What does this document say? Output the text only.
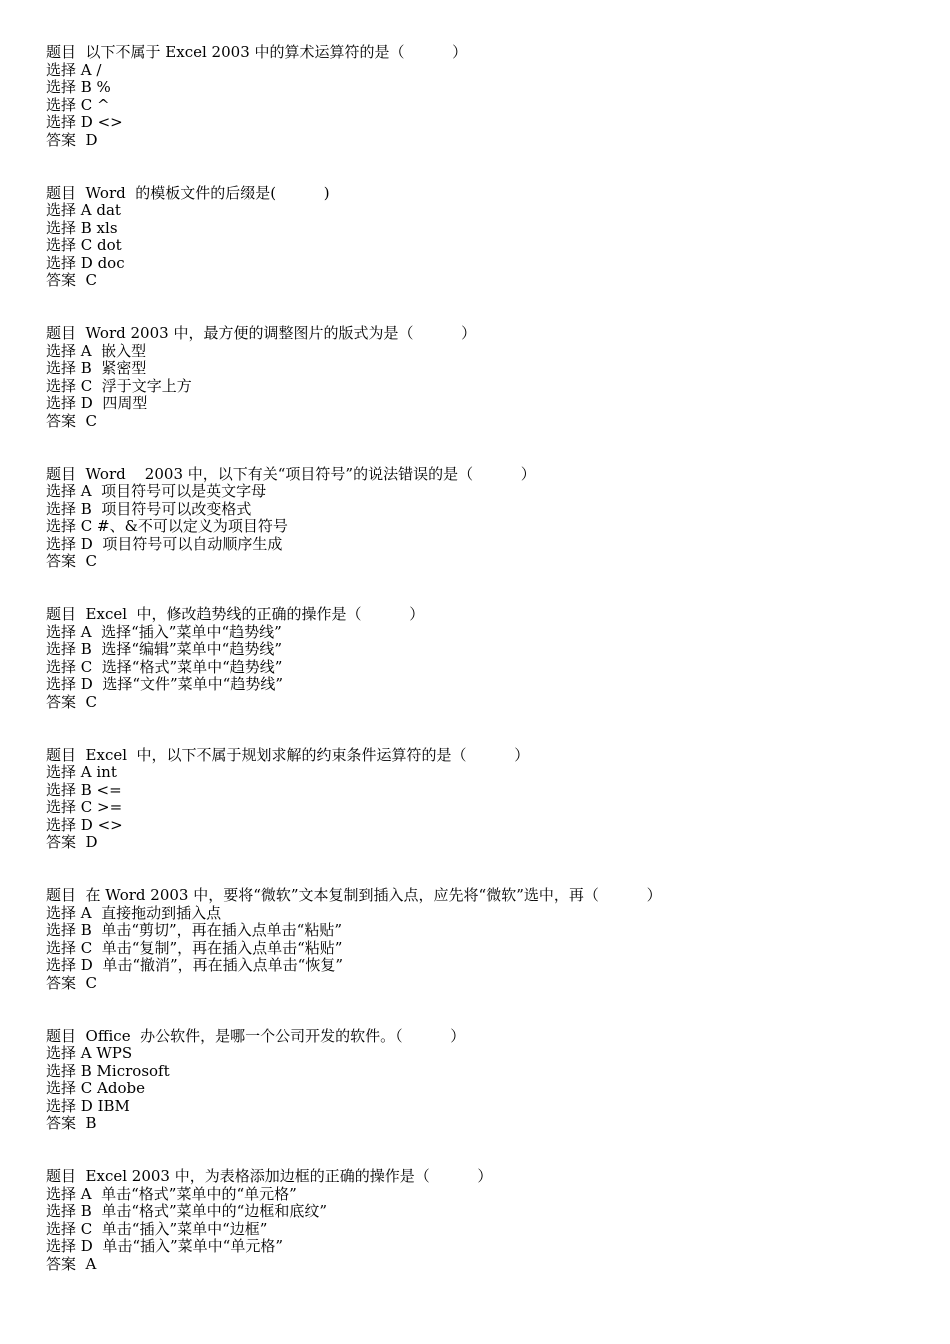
题目  以下不属于 Excel 2003 中的算术运算符的是（          ）
选择 A /
选择 B %
选择 C ^
选择 D <>
答案  D
题目  Word  的模板文件的后缀是(          )
选择 A dat
选择 B xls
选择 C dot
选择 D doc
答案  C
题目  Word 2003 中，最方便的调整图片的版式为是（          ）
选择 A  嵌入型
选择 B  紧密型
选择 C  浮于文字上方
选择 D  四周型
答案  C
题目  Word    2003 中，以下有关“项目符号”的说法错误的是（          ）
选择 A  项目符号可以是英文字母
选择 B  项目符号可以改变格式
选择 C #、&不可以定义为项目符号
选择 D  项目符号可以自动顺序生成
答案  C
题目  Excel  中，修改趋势线的正确的操作是（          ）
选择 A  选择“插入”菜单中“趋势线”
选择 B  选择“编辑”菜单中“趋势线”
选择 C  选择“格式”菜单中“趋势线”
选择 D  选择“文件”菜单中“趋势线”
答案  C
题目  Excel  中，以下不属于规划求解的约束条件运算符的是（          ）
选择 A int
选择 B <=
选择 C >=
选择 D <>
答案  D
题目  在 Word 2003 中，要将“微软”文本复制到插入点，应先将“微软”选中，再（          ）
选择 A  直接拖动到插入点
选择 B  单击“剪切”，再在插入点单击“粘贴”
选择 C  单击“复制”，再在插入点单击“粘贴”
选择 D  单击“撤消”，再在插入点单击“恢复”
答案  C
题目  Office  办公软件，是哪一个公司开发的软件。（          ）
选择 A WPS
选择 B Microsoft
选择 C Adobe
选择 D IBM
答案  B
题目  Excel 2003 中，为表格添加边框的正确的操作是（          ）
选择 A  单击“格式”菜单中的“单元格”
选择 B  单击“格式”菜单中的“边框和底纹”
选择 C  单击“插入”菜单中“边框”
选择 D  单击“插入”菜单中“单元格”
答案  A
